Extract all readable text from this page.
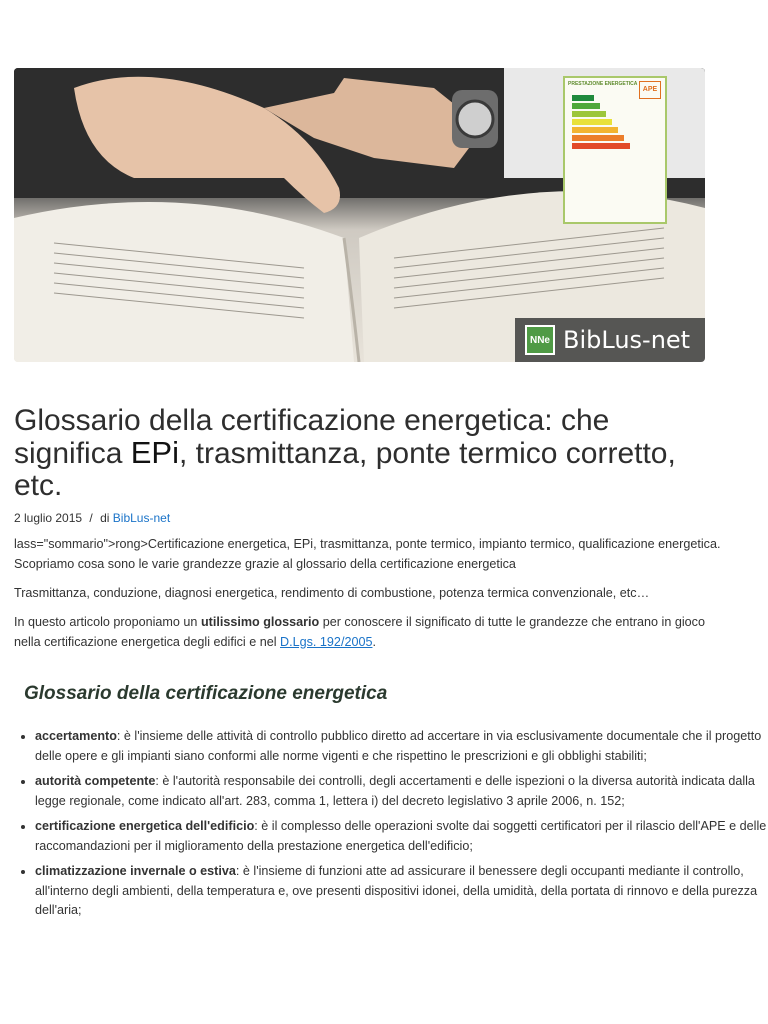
PRESTAZIONE ENERGETICA
APE
NNe BibLus-net
Glossario della certificazione energetica: che significa EPi, trasmittanza, ponte termico corretto, etc.
2 luglio 2015 / di BibLus-net

lass="sommario">rong>Certificazione energetica, EPi, trasmittanza, ponte termico, impianto termico, qualificazione energetica. Scopriamo cosa sono le varie grandezze grazie al glossario della certificazione energetica

Trasmittanza, conduzione, diagnosi energetica, rendimento di combustione, potenza termica convenzionale, etc…

In questo articolo proponiamo un utilissimo glossario per conoscere il significato di tutte le grandezze che entrano in gioco nella certificazione energetica degli edifici e nel D.Lgs. 192/2005.

Glossario della certificazione energetica
• accertamento: è l'insieme delle attività di controllo pubblico diretto ad accertare in via esclusivamente documentale che il progetto delle opere e gli impianti siano conformi alle norme vigenti e che rispettino le prescrizioni e gli obblighi stabiliti;
• autorità competente: è l'autorità responsabile dei controlli, degli accertamenti e delle ispezioni o la diversa autorità indicata dalla legge regionale, come indicato all'art. 283, comma 1, lettera i) del decreto legislativo 3 aprile 2006, n. 152;
• certificazione energetica dell'edificio: è il complesso delle operazioni svolte dai soggetti certificatori per il rilascio dell'APE e delle raccomandazioni per il miglioramento della prestazione energetica dell'edificio;
• climatizzazione invernale o estiva: è l'insieme di funzioni atte ad assicurare il benessere degli occupanti mediante il controllo, all'interno degli ambienti, della temperatura e, ove presenti dispositivi idonei, della umidità, della portata di rinnovo e della purezza dell'aria;
